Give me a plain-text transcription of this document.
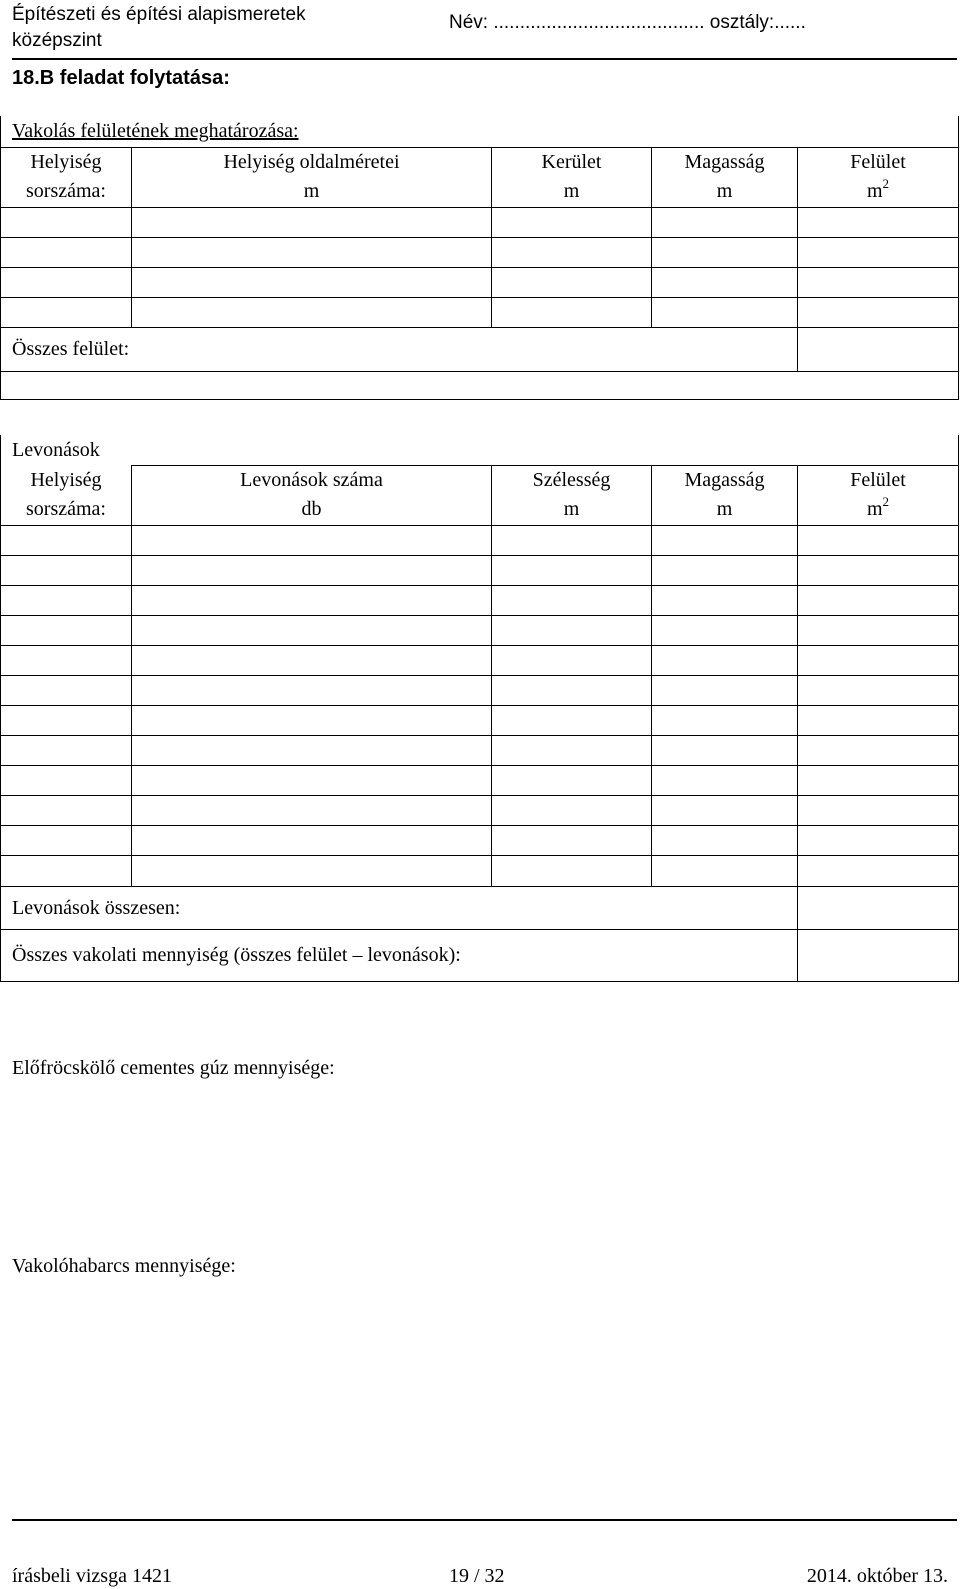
Építészeti és építési alapismeretek
középszint
Név: ........................................ osztály:......
18.B feladat folytatása:
Vakolás felületének meghatározása:				
Helyiség	Helyiség oldalméretei	Kerület	Magasság	Felület
sorszáma:	m	m	m	$m^2$

Összes felület:				

Levonások				
Helyiség	Levonások száma	Szélesség	Magasság	Felület
sorszáma:	db	m	m	$m^2$

Levonások összesen:				
Összes vakolati mennyiség (összes felület – levonások):				
Előfröcskölő cementes gúz mennyisége:
Vakolóhabarcs mennyisége:
írásbeli vizsga 1421	19 / 32	2014. október 13.
